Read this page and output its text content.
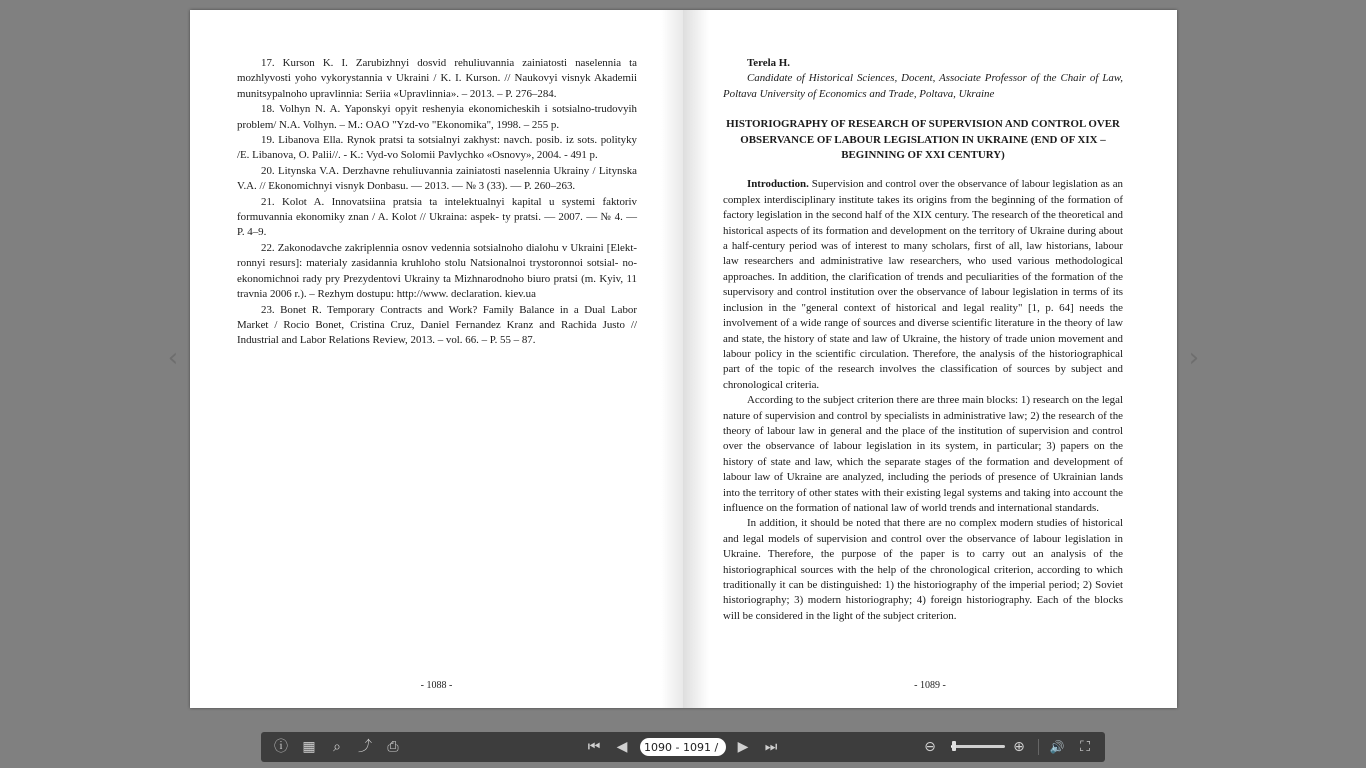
17. Kurson K. I. Zarubizhnyi dosvid rehuliuvannia zainiatosti naselennia ta mozhlyvosti yoho vykorystannia v Ukraini / K. I. Kurson. // Naukovyi visnyk Akademii munitsypalnoho upravlinnia: Seriia «Upravlinnia». – 2013. – P. 276–284.

18. Volhyn N. A. Yaponskyi opyit reshenyia ekonomicheskih i sotsialno-trudovyih problem/ N.A. Volhyn. – M.: OAO "Yzd-vo "Ekonomika", 1998. – 255 p.

19. Libanova Ella. Rynok pratsi ta sotsialnyi zakhyst: navch. posib. iz sots. polityky /E. Libanova, O. Palii//. - K.: Vyd-vo Solomii Pavlychko «Osnovy», 2004. - 491 p.

20. Litynska V.A. Derzhavne rehuliuvannia zainiatosti naselennia Ukrainy / Litynska V.A. // Ekonomichnyi visnyk Donbasu. — 2013. — № 3 (33). — P. 260–263.

21. Kolot A. Innovatsiina pratsia ta intelektualnyi kapital u systemi faktoriv formuvannia ekonomiky znan / A. Kolot // Ukraina: aspek- ty pratsi. — 2007. — № 4. — P. 4–9.

22. Zakonodavche zakriplennia osnov vedennia sotsialnoho dialohu v Ukraini [Elekt- ronnyi resurs]: materialy zasidannia kruhloho stolu Natsionalnoi trystoronnoi sotsial- no-ekonomichnoi rady pry Prezydentovi Ukrainy ta Mizhnarodnoho biuro pratsi (m. Kyiv, 11 travnia 2006 r.). – Rezhym dostupu: http://www. declaration. kiev.ua

23. Bonet R. Temporary Contracts and Work? Family Balance in a Dual Labor Market / Rocio Bonet, Cristina Cruz, Daniel Fernandez Kranz and Rachida Justo // Industrial and Labor Relations Review, 2013. – vol. 66. – P. 55 – 87.

- 1088 -

Terela H.

Candidate of Historical Sciences, Docent, Associate Professor of the Chair of Law, Poltava University of Economics and Trade, Poltava, Ukraine

HISTORIOGRAPHY OF RESEARCH OF SUPERVISION AND CONTROL OVER OBSERVANCE OF LABOUR LEGISLATION IN UKRAINE (END OF XIX – BEGINNING OF XXI CENTURY)

Introduction. Supervision and control over the observance of labour legislation as an complex interdisciplinary institute takes its origins from the beginning of the formation of factory legislation in the second half of the XIX century. The research of the theoretical and historical aspects of its formation and development on the territory of Ukraine during about a half-century period was of interest to many scholars, first of all, law historians, labour law researchers and administrative law researchers, who used various methodological approaches. In addition, the clarification of trends and peculiarities of the formation of the supervisory and control institution over the observance of labour legislation in terms of its inclusion in the "general context of historical and legal reality" [1, p. 64] needs the involvement of a wide range of sources and diverse scientific literature in the theory of law and state, the history of state and law of Ukraine, the history of trade union movement and labour policy in the scientific circulation. Therefore, the analysis of the historiographical part of the topic of the research involves the classification of sources by subject and chronological criteria.

According to the subject criterion there are three main blocks: 1) research on the legal nature of supervision and control by specialists in administrative law; 2) the research of the theory of labour law in general and the place of the institution of supervision and control over the observance of labour legislation in its system, in particular; 3) papers on the history of state and law, which the separate stages of the formation and development of labour law of Ukraine are analyzed, including the periods of presence of Ukrainian lands into the territory of other states with their existing legal systems and taking into account the influence on the formation of national law of world trends and international standards.

In addition, it should be noted that there are no complex modern studies of historical and legal models of supervision and control over the observance of labour legislation in Ukraine. Therefore, the purpose of the paper is to carry out an analysis of the historiographical sources with the help of the chronological criterion, according to which traditionally it can be distinguished: 1) the historiography of the imperial period; 2) Soviet historiography; 3) modern historiography; 4) foreign historiography. Each of the blocks will be considered in the light of the subject criterion.

- 1089 -
‹	›
ⓘ ▦	⌕	⤴	⎙	⏮	◀
1090 - 1091 / 1	▶	⏭	⊖	⊕	🔊	⛶
